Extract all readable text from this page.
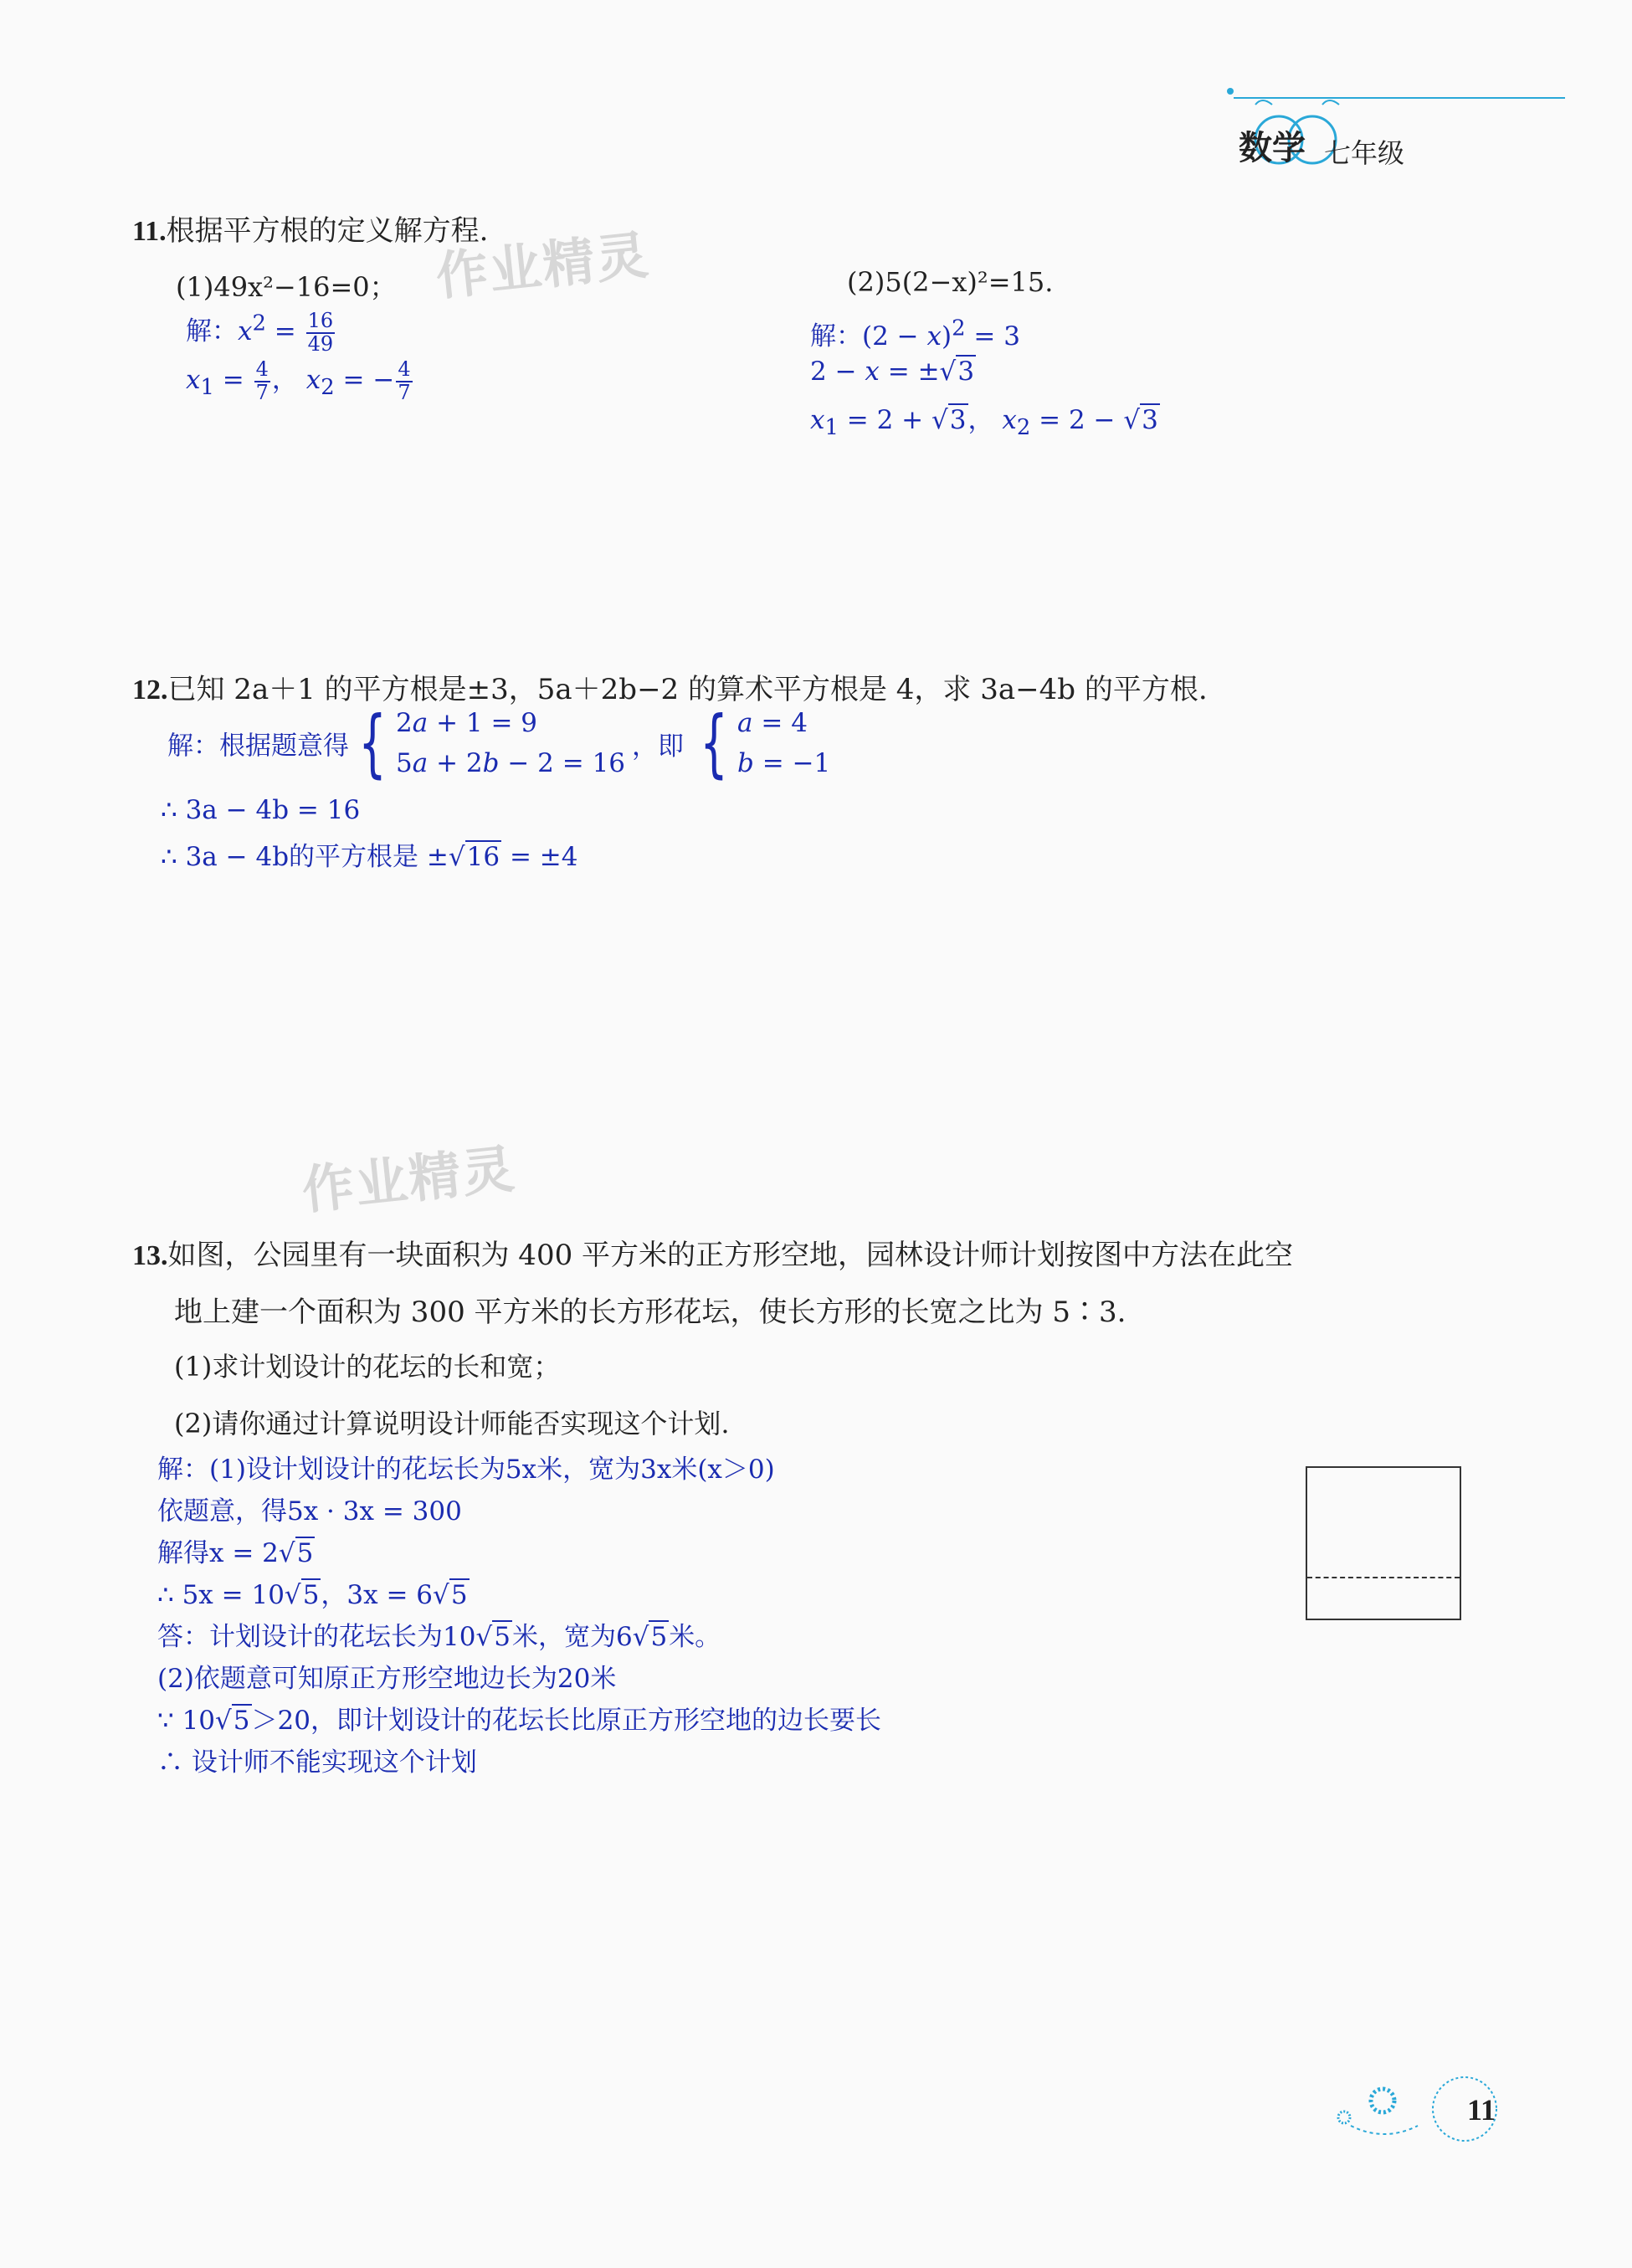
数学 七年级
作业精灵
作业精灵
11.根据平方根的定义解方程.
(1)49x²−16=0；	(2)5(2−x)²=15.
解：$x^2 = \frac{16}{49}$
$x_1 = \frac{4}{7}$ ， $x_2$ = − $\frac{4}{7}$
解：$(2 - x)^2 = 3$
2 − x = ±√3
$x_1 = 2 + √3$， $x_2 = 2 - √3$
12.已知 2a＋1 的平方根是±3，5a＋2b−2 的算术平方根是 4，求 3a−4b 的平方根.
解：根据题意得 { 2a + 1 = 9
5a + 2b − 2 = 16
，即 { a = 4
b = −1
∴ 3a − 4b = 16
∴ 3a − 4b的平方根是 ±√16 = ±4
13.如图，公园里有一块面积为 400 平方米的正方形空地，园林设计师计划按图中方法在此空
地上建一个面积为 300 平方米的长方形花坛，使长方形的长宽之比为 5∶3.
(1)求计划设计的花坛的长和宽；
(2)请你通过计算说明设计师能否实现这个计划.
解：(1)设计划设计的花坛长为5x米，宽为3x米(x＞0)
依题意，得5x · 3x = 300
解得x = 2√5
∴ 5x = 10√5，3x = 6√5
答：计划设计的花坛长为10√5米，宽为6√5米。
(2)依题意可知原正方形空地边长为20米
∵ 10√5＞20，即计划设计的花坛长比原正方形空地的边长要长
∴ 设计师不能实现这个计划
11
